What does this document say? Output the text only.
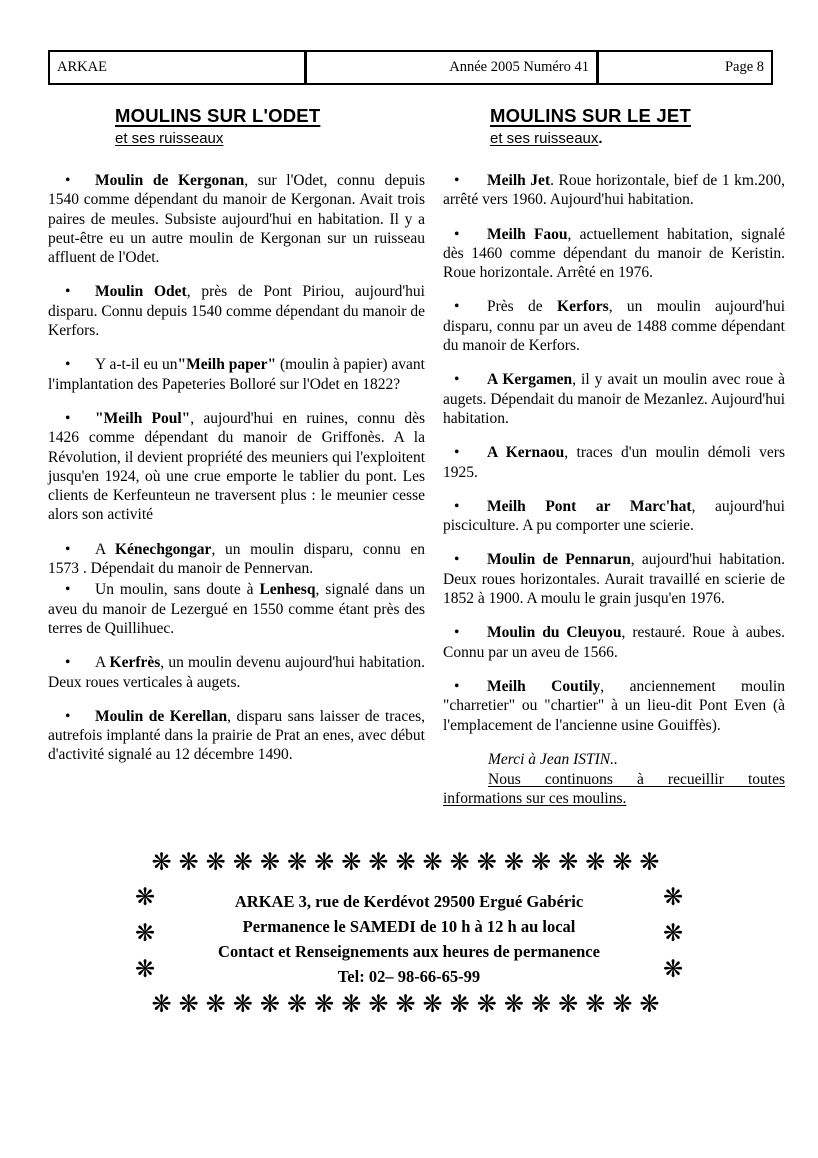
ARKAE	Année 2005 Numéro 41	Page 8
MOULINS SUR L'ODET
et ses ruisseaux

• Moulin de Kergonan, sur l'Odet, connu depuis 1540 comme dépendant du manoir de Kergonan. Avait trois paires de meules. Subsiste aujourd'hui en habitation. Il y a peut-être eu un autre moulin de Kergonan sur un ruisseau affluent de l'Odet.

• Moulin Odet, près de Pont Piriou, aujourd'hui disparu. Connu depuis 1540 comme dépendant du manoir de Kerfors.

• Y a-t-il eu un"Meilh paper" (moulin à papier) avant l'implantation des Papeteries Bolloré sur l'Odet en 1822?

• "Meilh Poul", aujourd'hui en ruines, connu dès 1426 comme dépendant du manoir de Griffonès. A la Révolution, il devient propriété des meuniers qui l'exploitent jusqu'en 1924, où une crue emporte le tablier du pont. Les clients de Kerfeunteun ne traversent plus : le meunier cesse alors son activité

• A Kénechgongar, un moulin disparu, connu en 1573 . Dépendait du manoir de Pennervan.

• Un moulin, sans doute à Lenhesq, signalé dans un aveu du manoir de Lezergué en 1550 comme étant près des terres de Quillihuec.

• A Kerfrès, un moulin devenu aujourd'hui habitation. Deux roues verticales à augets.

• Moulin de Kerellan, disparu sans laisser de traces, autrefois implanté dans la prairie de Prat an enes, avec début d'activité signalé au 12 décembre 1490.

MOULINS SUR LE JET
et ses ruisseaux.

• Meilh Jet. Roue horizontale, bief de 1 km.200, arrêté vers 1960. Aujourd'hui habitation.

• Meilh Faou, actuellement habitation, signalé dès 1460 comme dépendant du manoir de Keristin. Roue horizontale. Arrêté en 1976.

• Près de Kerfors, un moulin aujourd'hui disparu, connu par un aveu de 1488 comme dépendant du manoir de Kerfors.

• A Kergamen, il y avait un moulin avec roue à augets. Dépendait du manoir de Mezanlez. Aujourd'hui habitation.

• A Kernaou, traces d'un moulin démoli vers 1925.

• Meilh Pont ar Marc'hat, aujourd'hui pisciculture. A pu comporter une scierie.

• Moulin de Pennarun, aujourd'hui habitation. Deux roues horizontales. Aurait travaillé en scierie de 1852 à 1900. A moulu le grain jusqu'en 1976.

• Moulin du Cleuyou, restauré. Roue à aubes. Connu par un aveu de 1566.

• Meilh Coutily, anciennement moulin "charretier" ou "chartier" à un lieu-dit Pont Even (à l'emplacement de l'ancienne usine Gouiffès).

Merci à Jean ISTIN..

Nous continuons à recueillir toutes informations sur ces moulins.

❋❋❋❋❋❋❋❋❋❋❋❋❋❋❋❋❋❋❋
❋
❋
❋
ARKAE 3, rue de Kerdévot 29500 Ergué Gabéric
Permanence le SAMEDI de 10 h à 12 h au local
Contact et Renseignements aux heures de permanence
Tel: 02– 98-66-65-99
❋
❋
❋
❋❋❋❋❋❋❋❋❋❋❋❋❋❋❋❋❋❋❋
